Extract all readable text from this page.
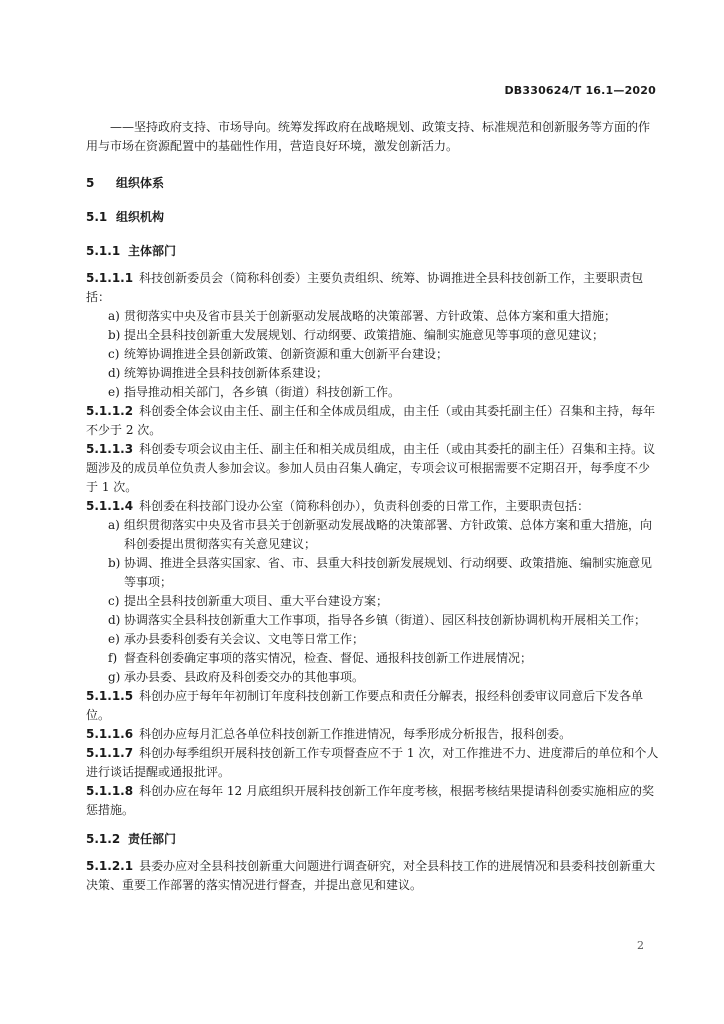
DB330624/T 16.1—2020

——坚持政府支持、市场导向。统筹发挥政府在战略规划、政策支持、标准规范和创新服务等方面的作用与市场在资源配置中的基础性作用，营造良好环境，激发创新活力。

5 组织体系
5.1 组织机构
5.1.1 主体部门

5.1.1.1 科技创新委员会（简称科创委）主要负责组织、统筹、协调推进全县科技创新工作，主要职责包括：

a) 贯彻落实中央及省市县关于创新驱动发展战略的决策部署、方针政策、总体方案和重大措施；
b) 提出全县科技创新重大发展规划、行动纲要、政策措施、编制实施意见等事项的意见建议；
c) 统筹协调推进全县创新政策、创新资源和重大创新平台建设；
d) 统筹协调推进全县科技创新体系建设；
e) 指导推动相关部门，各乡镇（街道）科技创新工作。

5.1.1.2 科创委全体会议由主任、副主任和全体成员组成，由主任（或由其委托副主任）召集和主持，每年不少于 2 次。

5.1.1.3 科创委专项会议由主任、副主任和相关成员组成，由主任（或由其委托的副主任）召集和主持。议题涉及的成员单位负责人参加会议。参加人员由召集人确定，专项会议可根据需要不定期召开，每季度不少于 1 次。

5.1.1.4 科创委在科技部门设办公室（简称科创办），负责科创委的日常工作，主要职责包括：

a) 组织贯彻落实中央及省市县关于创新驱动发展战略的决策部署、方针政策、总体方案和重大措施，向科创委提出贯彻落实有关意见建议；
b) 协调、推进全县落实国家、省、市、县重大科技创新发展规划、行动纲要、政策措施、编制实施意见等事项；
c) 提出全县科技创新重大项目、重大平台建设方案；
d) 协调落实全县科技创新重大工作事项，指导各乡镇（街道）、园区科技创新协调机构开展相关工作；
e) 承办县委科创委有关会议、文电等日常工作；
f) 督查科创委确定事项的落实情况，检查、督促、通报科技创新工作进展情况；
g) 承办县委、县政府及科创委交办的其他事项。

5.1.1.5 科创办应于每年年初制订年度科技创新工作要点和责任分解表，报经科创委审议同意后下发各单位。

5.1.1.6 科创办应每月汇总各单位科技创新工作推进情况，每季形成分析报告，报科创委。

5.1.1.7 科创办每季组织开展科技创新工作专项督查应不于 1 次，对工作推进不力、进度滞后的单位和个人进行谈话提醒或通报批评。

5.1.1.8 科创办应在每年 12 月底组织开展科技创新工作年度考核，根据考核结果提请科创委实施相应的奖惩措施。

5.1.2 责任部门

5.1.2.1 县委办应对全县科技创新重大问题进行调查研究，对全县科技工作的进展情况和县委科技创新重大决策、重要工作部署的落实情况进行督查，并提出意见和建议。

2
